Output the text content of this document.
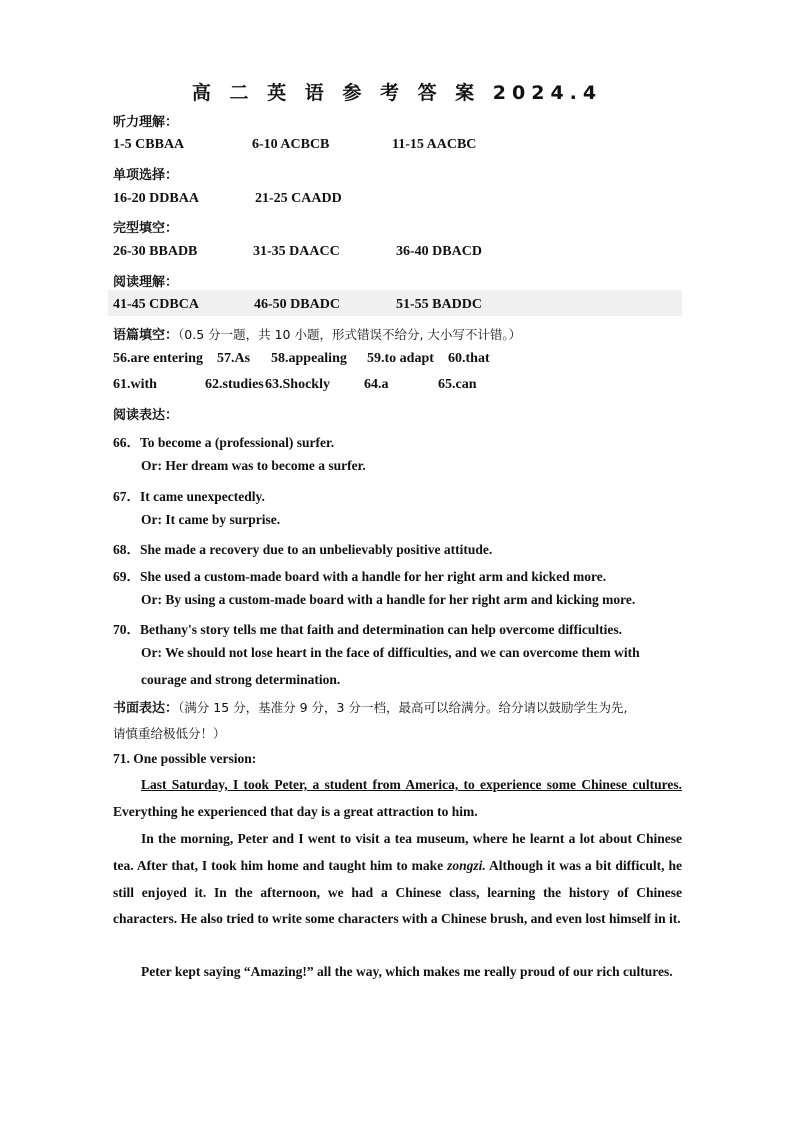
高 二 英 语 参 考 答 案 2024.4
听力理解：
1-5 CBBAA	6-10 ACBCB	11-15 AACBC
单项选择：
16-20 DDBAA	21-25 CAADD
完型填空：
26-30 BBADB	31-35 DAACC	36-40 DBACD
阅读理解：
41-45 CDBCA	46-50 DBADC	51-55 BADDC
语篇填空：（0.5 分一题，共 10 小题，形式错误不给分, 大小写不计错。）
56.are entering 57.As 58.appealing 59.to adapt 60.that
61.with	62.studies 63.Shockly 64.a	65.can
阅读表达：
66．To become a (professional) surfer.
Or: Her dream was to become a surfer.
67．It came unexpectedly.
Or: It came by surprise.
68．She made a recovery due to an unbelievably positive attitude.
69．She used a custom-made board with a handle for her right arm and kicked more.
Or: By using a custom-made board with a handle for her right arm and kicking more.
70．Bethany's story tells me that faith and determination can help overcome difficulties.
Or: We should not lose heart in the face of difficulties, and we can overcome them with
courage and strong determination.
书面表达：（满分 15 分，基准分 9 分，3 分一档，最高可以给满分。给分请以鼓励学生为先,
请慎重给极低分！）
71. One possible version:
Last Saturday, I took Peter, a student from America, to experience some Chinese cultures. Everything he experienced that day is a great attraction to him.
In the morning, Peter and I went to visit a tea museum, where he learnt a lot about Chinese tea. After that, I took him home and taught him to make zongzi. Although it was a bit difficult, he still enjoyed it. In the afternoon, we had a Chinese class, learning the history of Chinese characters. He also tried to write some characters with a Chinese brush, and even lost himself in it.
Peter kept saying “Amazing!” all the way, which makes me really proud of our rich cultures.
